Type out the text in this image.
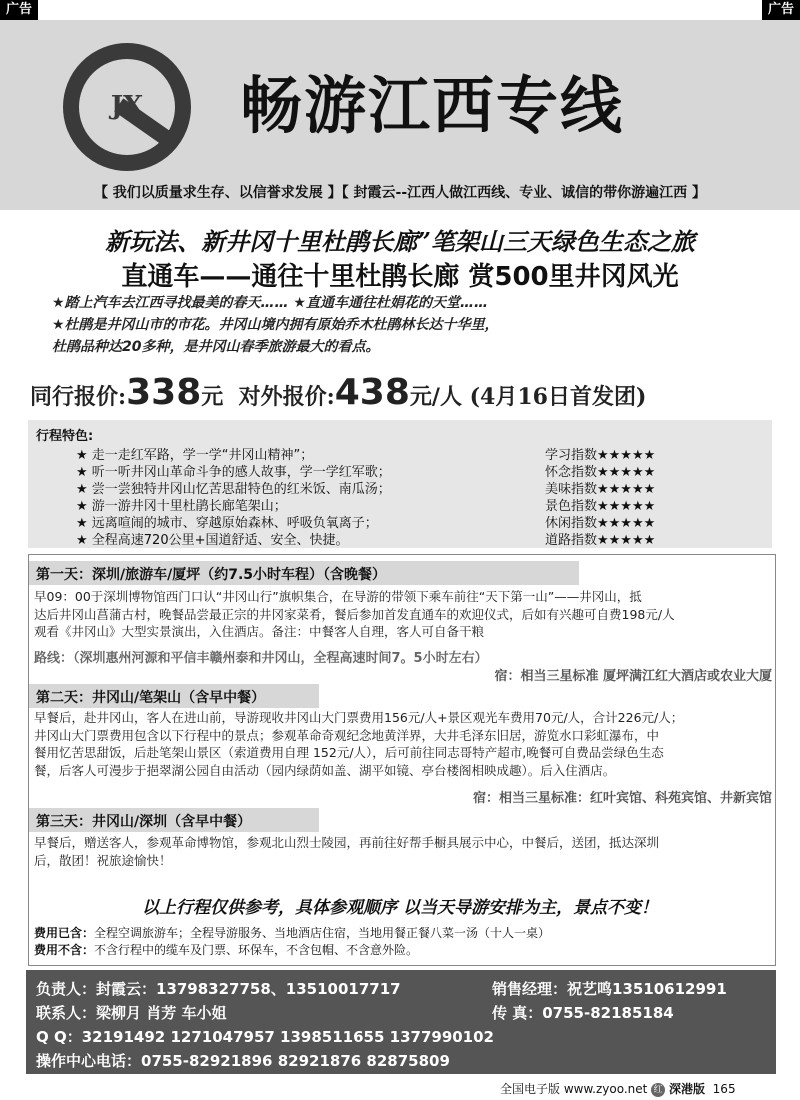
广告	广告
JX 畅游江西专线
【 我们以质量求生存、以信誉求发展 】【 封霞云--江西人做江西线、专业、诚信的带你游遍江西 】
新玩法、新井冈十里杜鹃长廊”笔架山三天绿色生态之旅
直通车——通往十里杜鹃长廊 赏500里井冈风光
★踏上汽车去江西寻找最美的春天…… ★直通车通往杜娟花的天堂……
★杜鹃是井冈山市的市花。井冈山境内拥有原始乔木杜鹃林长达十华里，
杜鹃品种达20多种，是井冈山春季旅游最大的看点。
同行报价:338元 对外报价:438元/人 (4月16日首发团)
行程特色:
★ 走一走红军路，学一学“井冈山精神”；	学习指数★★★★★
★ 听一听井冈山革命斗争的感人故事，学一学红军歌；	怀念指数★★★★★
★ 尝一尝独特井冈山忆苦思甜特色的红米饭、南瓜汤；	美味指数★★★★★
★ 游一游井冈十里杜鹃长廊笔架山；	景色指数★★★★★
★ 远离喧闹的城市、穿越原始森林、呼吸负氧离子；	休闲指数★★★★★
★ 全程高速720公里+国道舒适、安全、快捷。	道路指数★★★★★
第一天：深圳/旅游车/厦坪（约7.5小时车程）（含晚餐）
早09：00于深圳博物馆西门口认“井冈山行”旗帜集合，在导游的带领下乘车前往“天下第一山”——井冈山，抵
达后井冈山菖蒲古村，晚餐品尝最正宗的井冈家菜肴，餐后参加首发直通车的欢迎仪式，后如有兴趣可自费198元/人
观看《井冈山》大型实景演出，入住酒店。备注：中餐客人自理，客人可自备干粮
路线：（深圳惠州河源和平信丰赣州泰和井冈山，全程高速时间7。5小时左右）
宿：相当三星标准 厦坪满江红大酒店或农业大厦
第二天：井冈山/笔架山（含早中餐）
早餐后，赴井冈山，客人在进山前，导游现收井冈山大门票费用156元/人+景区观光车费用70元/人，合计226元/人；
井冈山大门票费用包含以下行程中的景点；参观革命奇观纪念地黄洋界，大井毛泽东旧居，游览水口彩虹瀑布，中
餐用忆苦思甜饭，后赴笔架山景区（索道费用自理 152元/人），后可前往同志哥特产超市,晚餐可自费品尝绿色生态
餐，后客人可漫步于挹翠湖公园自由活动（园内绿荫如盖、湖平如镜、亭台楼阁相映成趣）。后入住酒店。
宿：相当三星标准：红叶宾馆、科苑宾馆、井新宾馆
第三天：井冈山/深圳（含早中餐）
早餐后，赠送客人，参观革命博物馆，参观北山烈士陵园，再前往好帮手橱具展示中心，中餐后，送团，抵达深圳
后，散团！祝旅途愉快！
以上行程仅供参考，具体参观顺序 以当天导游安排为主，景点不变！
费用已含：全程空调旅游车；全程导游服务、当地酒店住宿，当地用餐正餐八菜一汤（十人一桌）
费用不含：不含行程中的缆车及门票、环保车，不含包帽、不含意外险。
负责人：封霞云：13798327758、13510017717	销售经理：祝艺鸣13510612991
联系人：梁柳月 肖芳 车小姐	传 真：0755-82185184
Q Q：32191492 1271047957 1398511655 1377990102
操作中心电话：0755-82921896 82921876 82875809
全国电子版 www.zyoo.net 红 深港版 165
